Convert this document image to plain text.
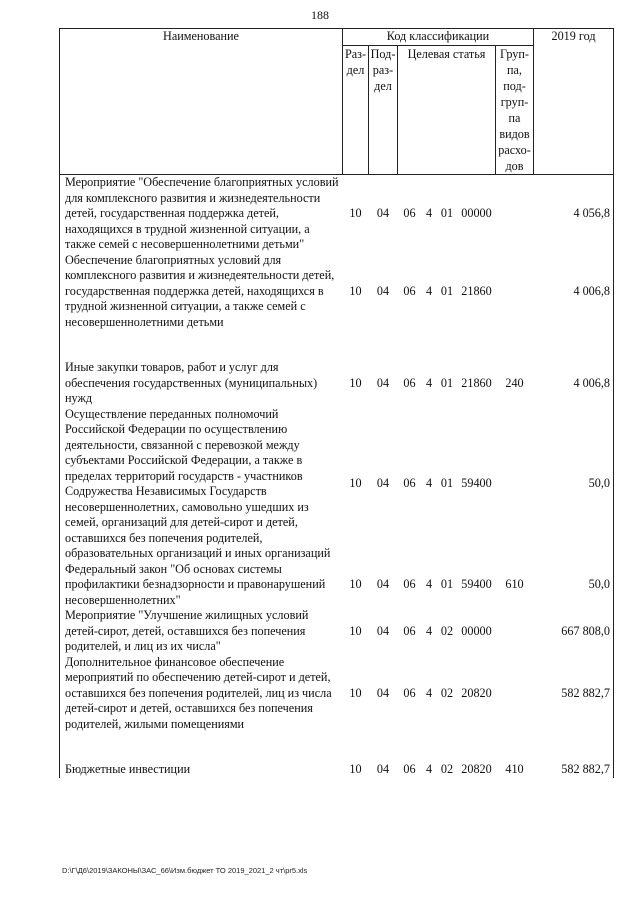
188
Наименование	Код классификации							2019 год
	Раз-дел	Под-раз-дел	Целевая статья				Груп-па, под-груп-па видов расхо-дов	
Мероприятие "Обеспечение благоприятных условий для комплексного развития и жизнедеятельности детей, государственная поддержка детей, находящихся в трудной жизненной ситуации, а также семей с несовершеннолетними детьми"	10	04	06	4	01	00000		4 056,8
Обеспечение благоприятных условий для комплексного развития и жизнедеятельности детей, государственная поддержка детей, находящихся в трудной жизненной ситуации, а также семей с несовершеннолетними детьми	10	04	06	4	01	21860		4 006,8

Иные закупки товаров, работ и услуг для обеспечения государственных (муниципальных) нужд	10	04	06	4	01	21860	240	4 006,8
Осуществление переданных полномочий Российской Федерации по осуществлению деятельности, связанной с перевозкой между субъектами Российской Федерации, а также в пределах территорий государств - участников Содружества Независимых Государств несовершеннолетних, самовольно ушедших из семей, организаций для детей-сирот и детей, оставшихся без попечения родителей, образовательных организаций и иных организаций	10	04	06	4	01	59400		50,0
Федеральный закон "Об основах системы профилактики безнадзорности и правонарушений несовершеннолетних"	10	04	06	4	01	59400	610	50,0
Мероприятие "Улучшение жилищных условий детей-сирот, детей, оставшихся без попечения родителей, и лиц из их числа"	10	04	06	4	02	00000		667 808,0
Дополнительное финансовое обеспечение мероприятий по обеспечению детей-сирот и детей, оставшихся без попечения родителей, лиц из числа детей-сирот и детей, оставшихся без попечения родителей, жилыми помещениями	10	04	06	4	02	20820		582 882,7

Бюджетные инвестиции	10	04	06	4	02	20820	410	582 882,7
D:\Г\Д6\2019\ЗАКОНЫ\ЗАС_66\Изм.бюджет ТО 2019_2021_2 чт\pr5.xls
